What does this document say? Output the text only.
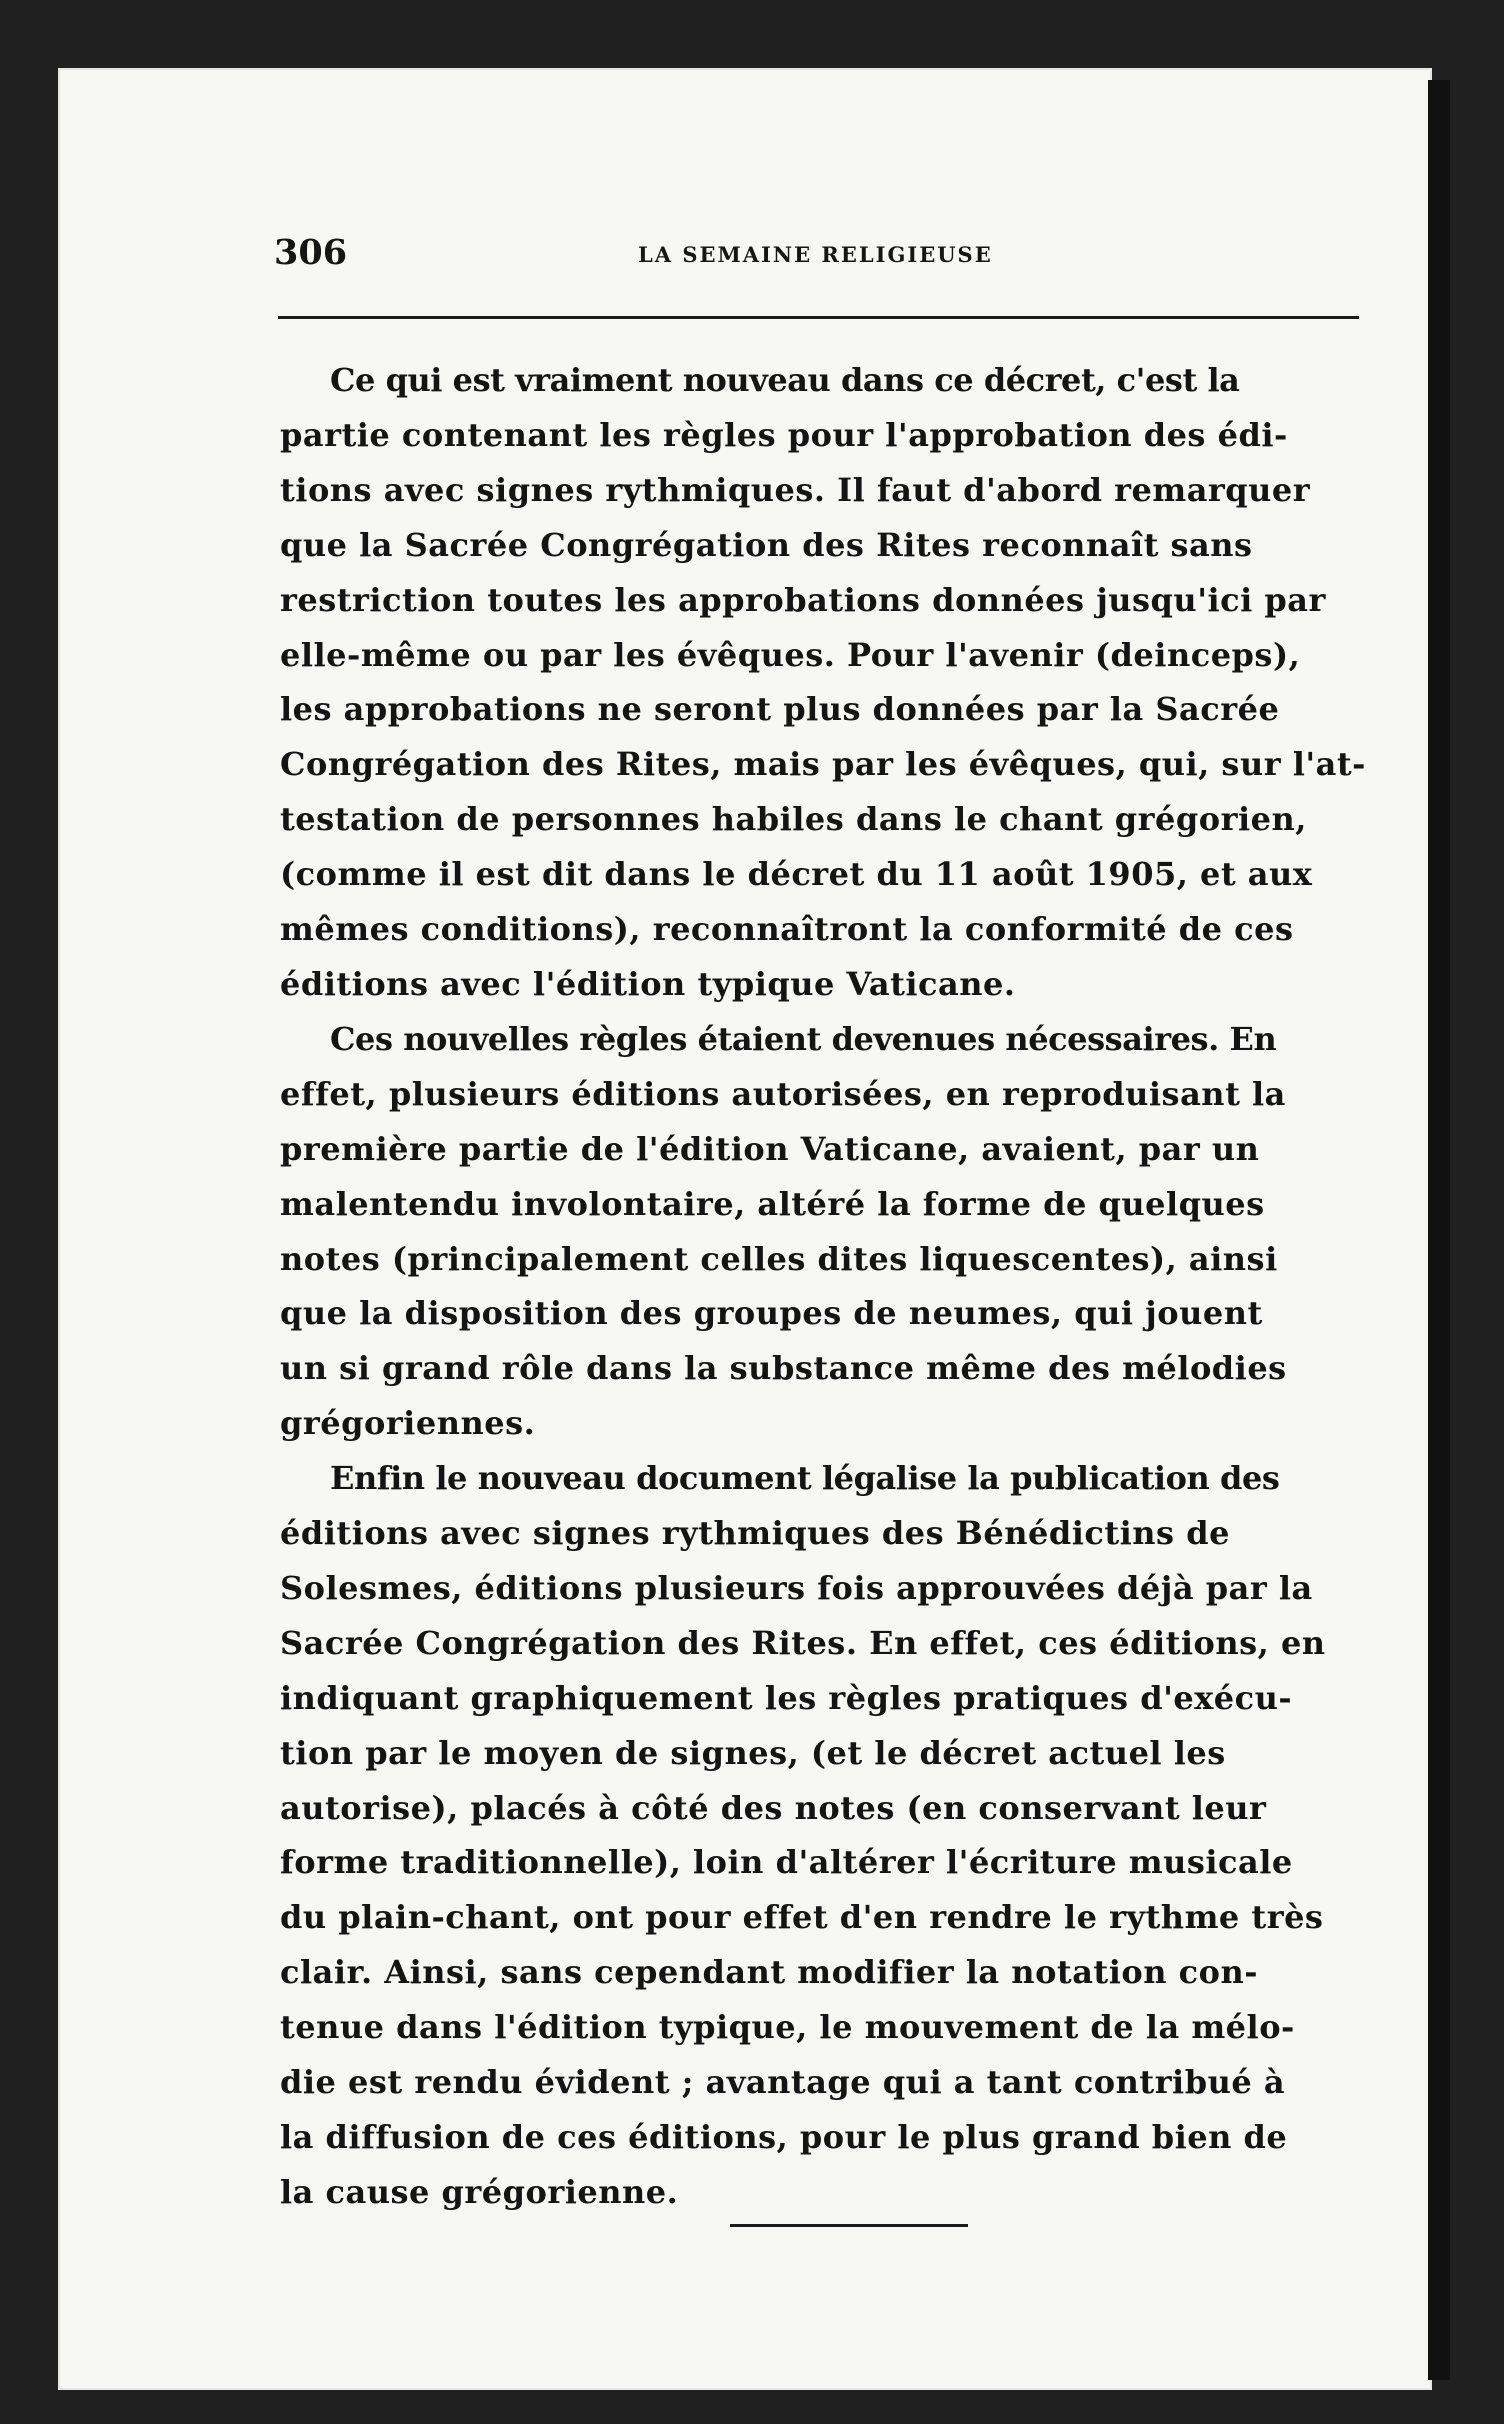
306	LA SEMAINE RELIGIEUSE
Ce qui est vraiment nouveau dans ce décret, c'est la
partie contenant les règles pour l'approbation des édi-
tions avec signes rythmiques. Il faut d'abord remarquer
que la Sacrée Congrégation des Rites reconnaît sans
restriction toutes les approbations données jusqu'ici par
elle-même ou par les évêques. Pour l'avenir (deinceps),
les approbations ne seront plus données par la Sacrée
Congrégation des Rites, mais par les évêques, qui, sur l'at-
testation de personnes habiles dans le chant grégorien,
(comme il est dit dans le décret du 11 août 1905, et aux
mêmes conditions), reconnaîtront la conformité de ces
éditions avec l'édition typique Vaticane.
Ces nouvelles règles étaient devenues nécessaires. En
effet, plusieurs éditions autorisées, en reproduisant la
première partie de l'édition Vaticane, avaient, par un
malentendu involontaire, altéré la forme de quelques
notes (principalement celles dites liquescentes), ainsi
que la disposition des groupes de neumes, qui jouent
un si grand rôle dans la substance même des mélodies
grégoriennes.
Enfin le nouveau document légalise la publication des
éditions avec signes rythmiques des Bénédictins de
Solesmes, éditions plusieurs fois approuvées déjà par la
Sacrée Congrégation des Rites. En effet, ces éditions, en
indiquant graphiquement les règles pratiques d'exécu-
tion par le moyen de signes, (et le décret actuel les
autorise), placés à côté des notes (en conservant leur
forme traditionnelle), loin d'altérer l'écriture musicale
du plain-chant, ont pour effet d'en rendre le rythme très
clair. Ainsi, sans cependant modifier la notation con-
tenue dans l'édition typique, le mouvement de la mélo-
die est rendu évident ; avantage qui a tant contribué à
la diffusion de ces éditions, pour le plus grand bien de
la cause grégorienne.
